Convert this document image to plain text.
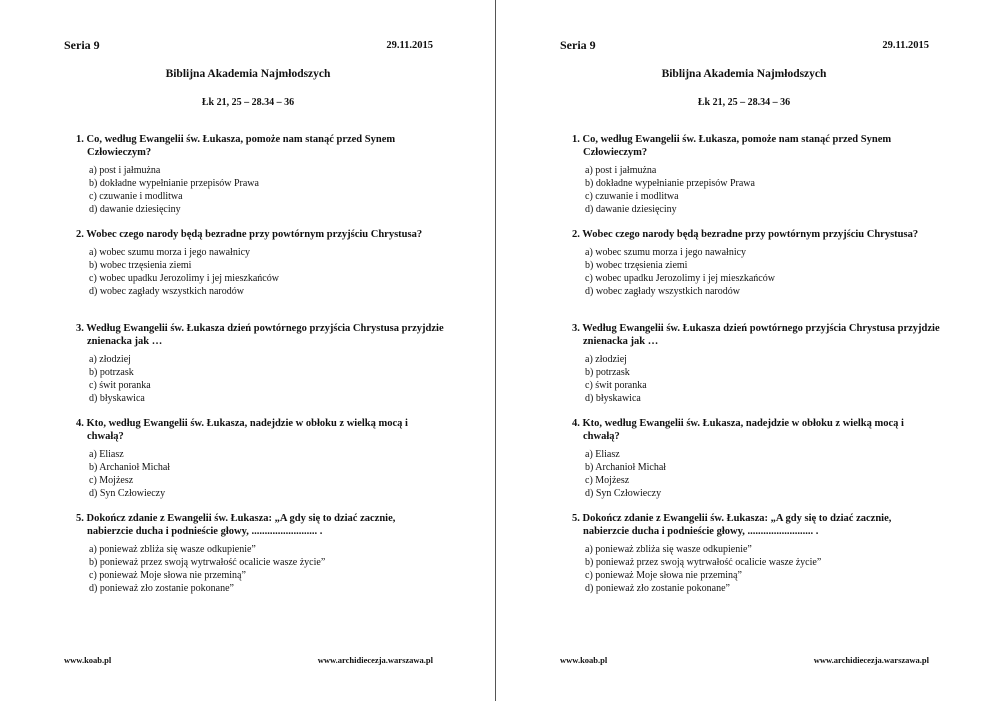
Seria 9	29.11.2015
Biblijna Akademia Najmłodszych
Łk 21, 25 – 28.34 – 36

1. Co, według Ewangelii św. Łukasza, pomoże nam stanąć przed Synem Człowieczym?

a) post i jałmużna
b) dokładne wypełnianie przepisów Prawa
c) czuwanie i modlitwa
d) dawanie dziesięciny

2. Wobec czego narody będą bezradne przy powtórnym przyjściu Chrystusa?

a) wobec szumu morza i jego nawałnicy
b) wobec trzęsienia ziemi
c) wobec upadku Jerozolimy i jej mieszkańców
d) wobec zagłady wszystkich narodów

3. Według Ewangelii św. Łukasza dzień powtórnego przyjścia Chrystusa przyjdzie znienacka jak …

a) złodziej
b) potrzask
c) świt poranka
d) błyskawica

4. Kto, według Ewangelii św. Łukasza, nadejdzie w obłoku z wielką mocą i chwałą?

a) Eliasz
b) Archanioł Michał
c) Mojżesz
d) Syn Człowieczy

5. Dokończ zdanie z Ewangelii św. Łukasza: „A gdy się to dziać zacznie, nabierzcie ducha i podnieście głowy, ......................... .

a) ponieważ zbliża się wasze odkupienie”
b) ponieważ przez swoją wytrwałość ocalicie wasze życie”
c) ponieważ Moje słowa nie przeminą”
d) ponieważ zło zostanie pokonane”
www.koab.pl	www.archidiecezja.warszawa.pl
Seria 9	29.11.2015
Biblijna Akademia Najmłodszych
Łk 21, 25 – 28.34 – 36

1. Co, według Ewangelii św. Łukasza, pomoże nam stanąć przed Synem Człowieczym?

a) post i jałmużna
b) dokładne wypełnianie przepisów Prawa
c) czuwanie i modlitwa
d) dawanie dziesięciny

2. Wobec czego narody będą bezradne przy powtórnym przyjściu Chrystusa?

a) wobec szumu morza i jego nawałnicy
b) wobec trzęsienia ziemi
c) wobec upadku Jerozolimy i jej mieszkańców
d) wobec zagłady wszystkich narodów

3. Według Ewangelii św. Łukasza dzień powtórnego przyjścia Chrystusa przyjdzie znienacka jak …

a) złodziej
b) potrzask
c) świt poranka
d) błyskawica

4. Kto, według Ewangelii św. Łukasza, nadejdzie w obłoku z wielką mocą i chwałą?

a) Eliasz
b) Archanioł Michał
c) Mojżesz
d) Syn Człowieczy

5. Dokończ zdanie z Ewangelii św. Łukasza: „A gdy się to dziać zacznie, nabierzcie ducha i podnieście głowy, ......................... .

a) ponieważ zbliża się wasze odkupienie”
b) ponieważ przez swoją wytrwałość ocalicie wasze życie”
c) ponieważ Moje słowa nie przeminą”
d) ponieważ zło zostanie pokonane”
www.koab.pl	www.archidiecezja.warszawa.pl
